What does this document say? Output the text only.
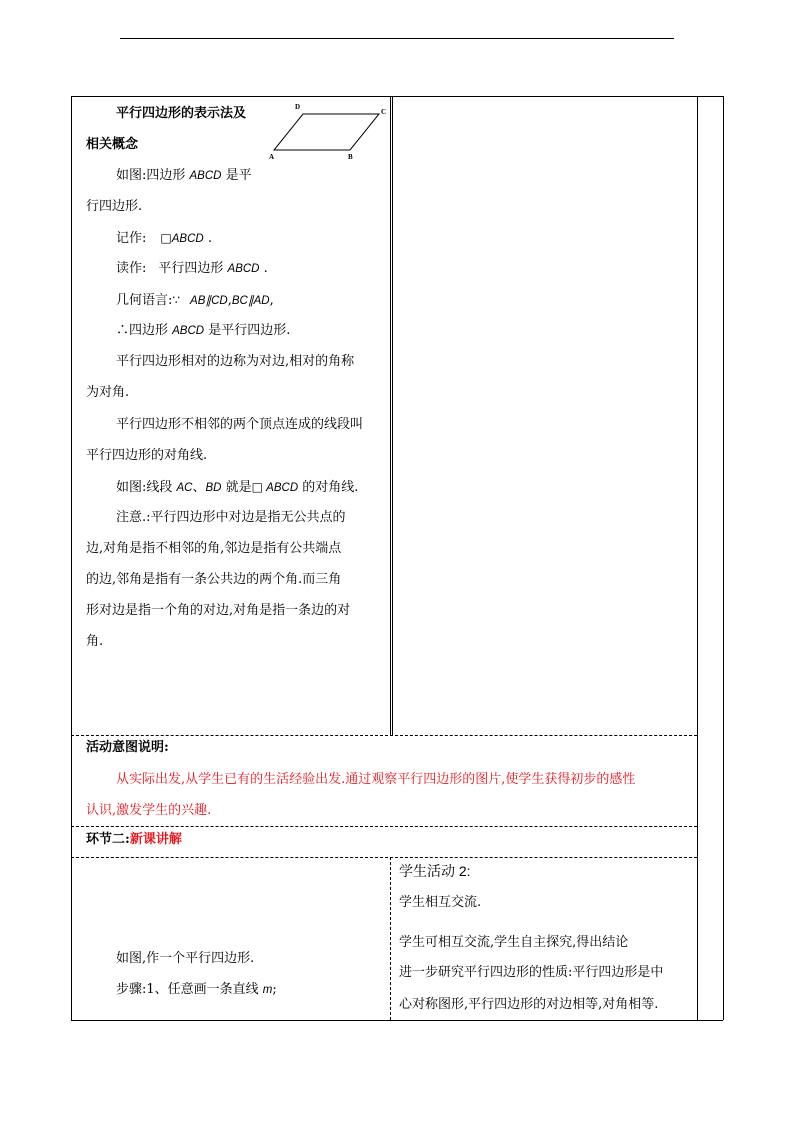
A	B
C
D
平行四边形的表示法及
相关概念
如图:四边形 ABCD 是平
行四边形.
记作: □ABCD .
读作: 平行四边形 ABCD .
几何语言:∵ AB∥CD,BC∥AD,
∴四边形 ABCD 是平行四边形.
平行四边形相对的边称为对边,相对的角称
为对角.
平行四边形不相邻的两个顶点连成的线段叫
平行四边形的对角线.
如图:线段 AC、BD 就是□ ABCD 的对角线.
注意.:平行四边形中对边是指无公共点的
边,对角是指不相邻的角,邻边是指有公共端点
的边,邻角是指有一条公共边的两个角.而三角
形对边是指一个角的对边,对角是指一条边的对
角.
活动意图说明:
从实际出发,从学生已有的生活经验出发.通过观察平行四边形的图片,使学生获得初步的感性
认识,激发学生的兴趣.
环节二:新课讲解
如图,作一个平行四边形.
步骤:1、任意画一条直线 m;
学生活动 2:
学生相互交流.
学生可相互交流,学生自主探究,得出结论
进一步研究平行四边形的性质:平行四边形是中
心对称图形,平行四边形的对边相等,对角相等.
